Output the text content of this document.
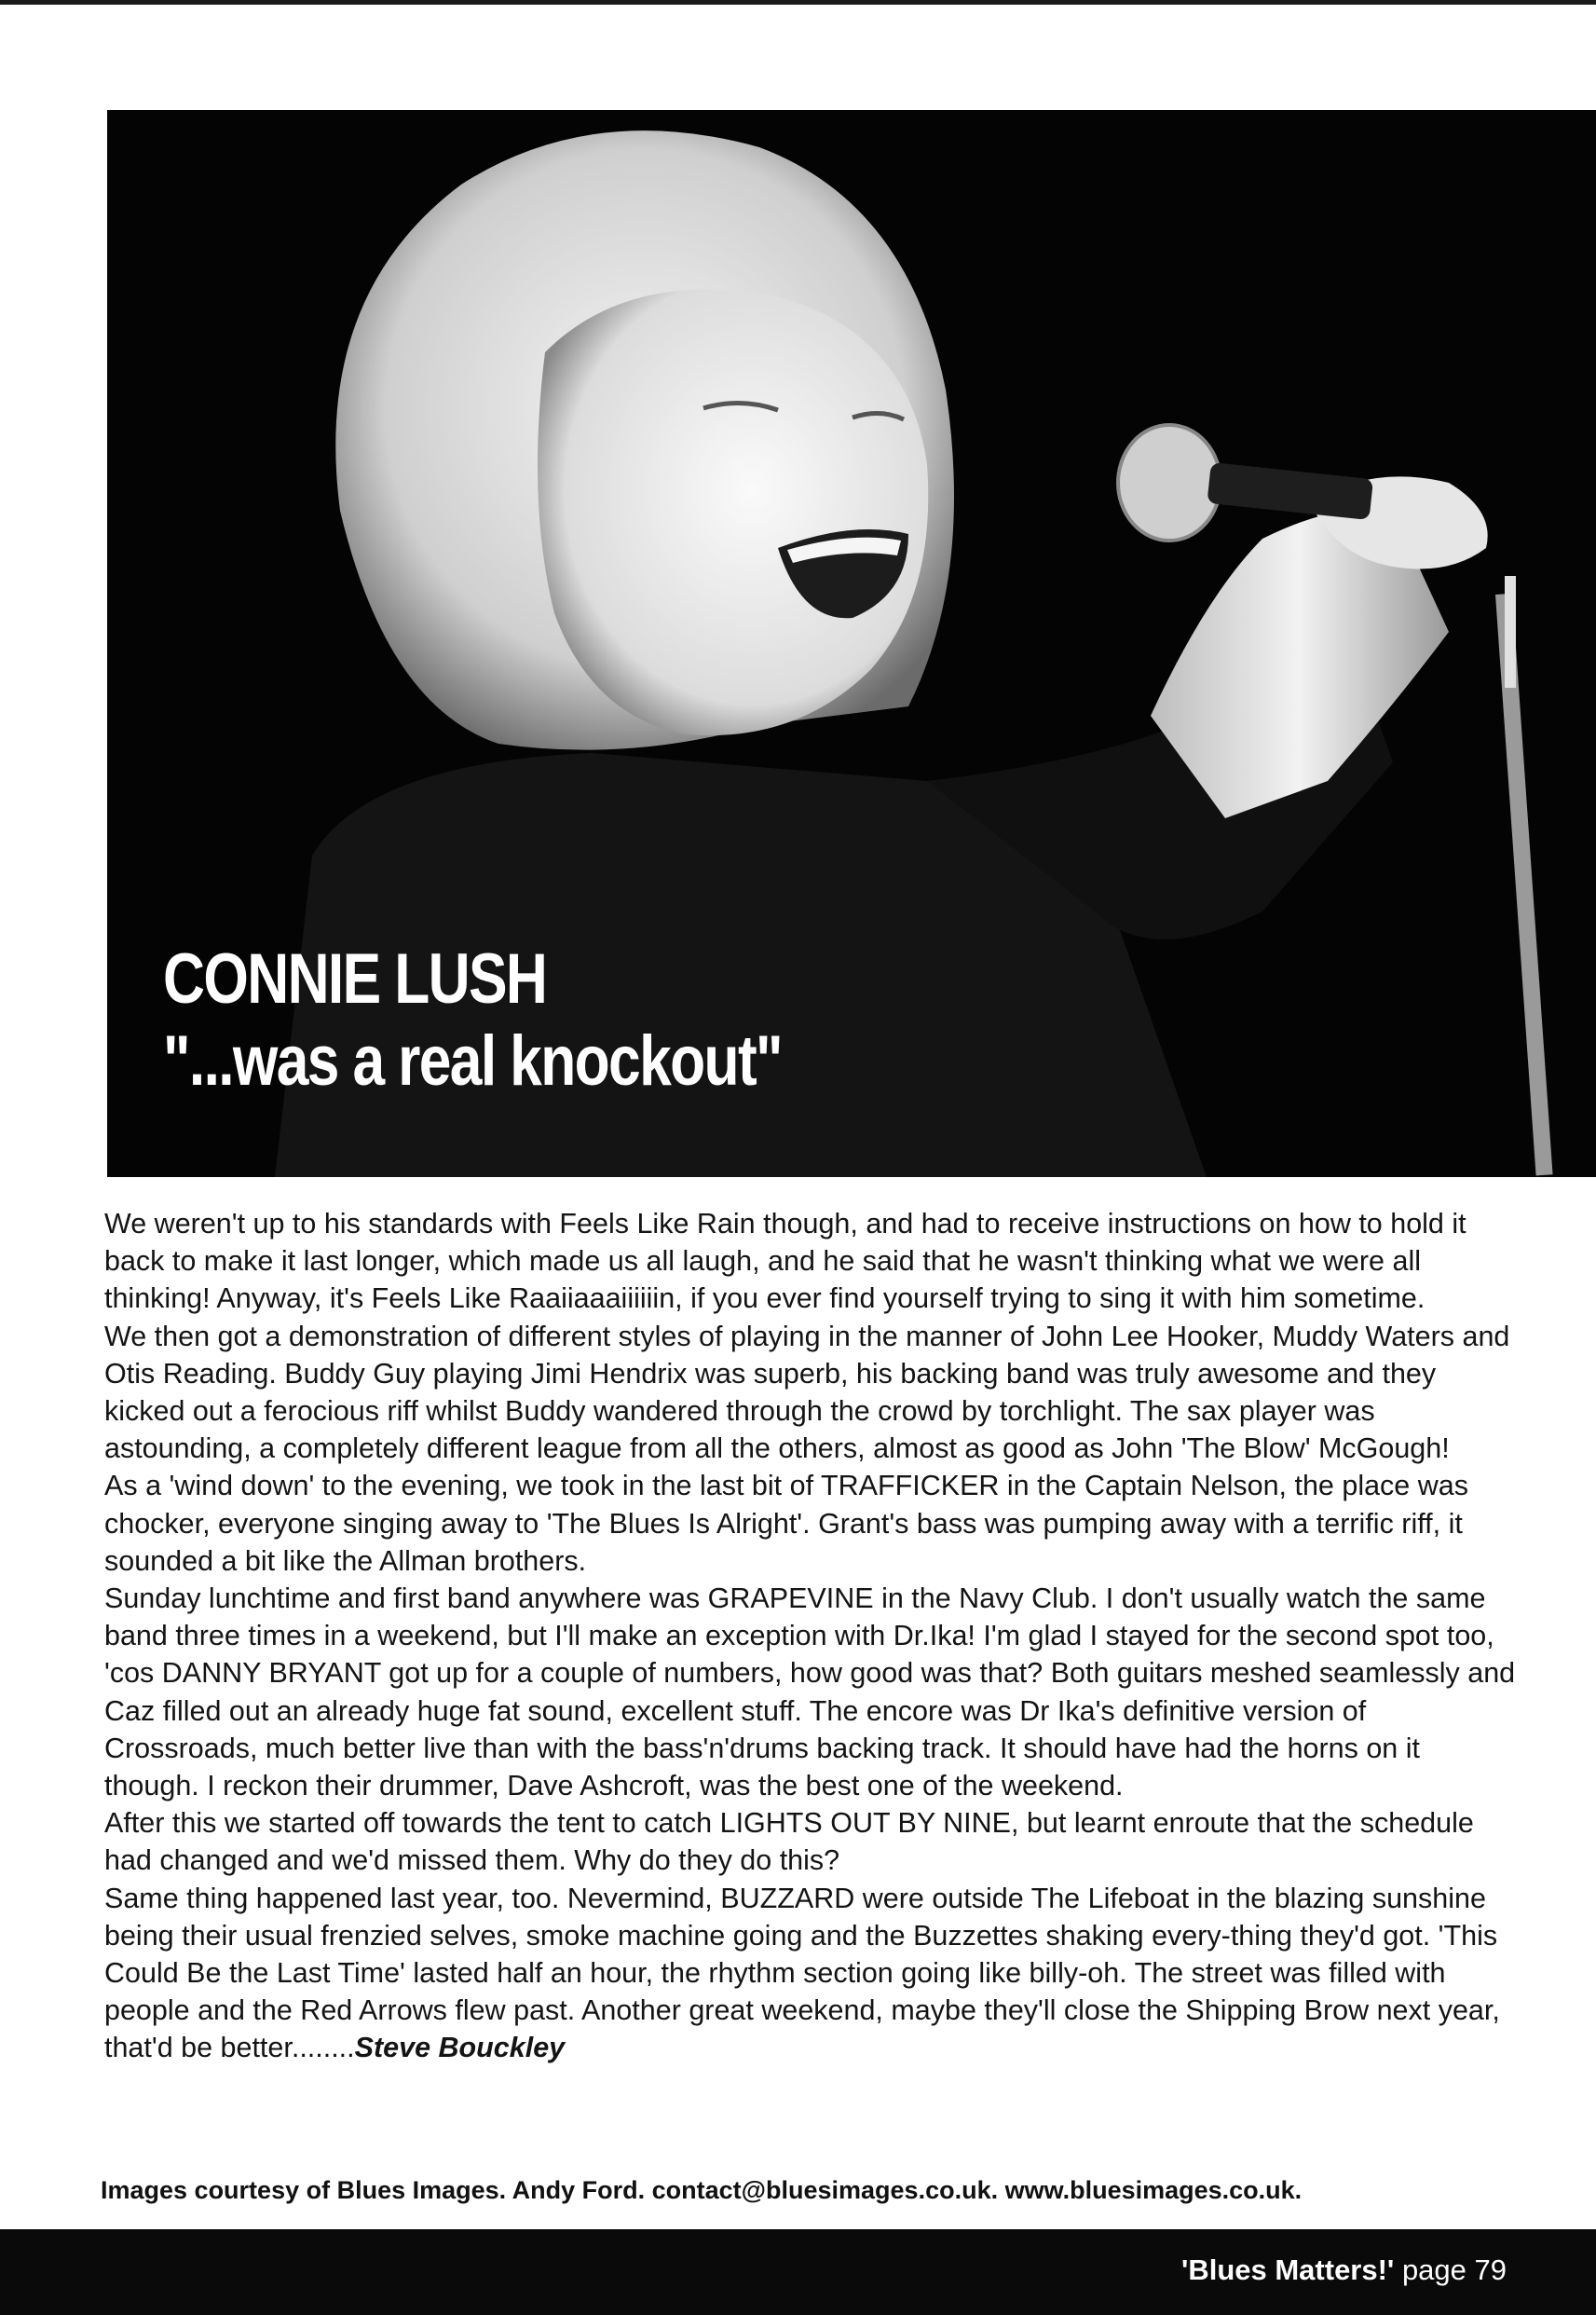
CONNIE LUSH
"...was a real knockout"

We weren't up to his standards with Feels Like Rain though, and had to receive instructions on how to hold it back to make it last longer, which made us all laugh, and he said that he wasn't thinking what we were all thinking! Anyway, it's Feels Like Raaiiaaaiiiiiin, if you ever find yourself trying to sing it with him sometime.

We then got a demonstration of different styles of playing in the manner of John Lee Hooker, Muddy Waters and Otis Reading. Buddy Guy playing Jimi Hendrix was superb, his backing band was truly awesome and they kicked out a ferocious riff whilst Buddy wandered through the crowd by torchlight. The sax player was astounding, a completely different league from all the others, almost as good as John 'The Blow' McGough!

As a 'wind down' to the evening, we took in the last bit of TRAFFICKER in the Captain Nelson, the place was chocker, everyone singing away to 'The Blues Is Alright'. Grant's bass was pumping away with a terrific riff, it sounded a bit like the Allman brothers.

Sunday lunchtime and first band anywhere was GRAPEVINE in the Navy Club. I don't usually watch the same band three times in a weekend, but I'll make an exception with Dr.Ika! I'm glad I stayed for the second spot too, 'cos DANNY BRYANT got up for a couple of numbers, how good was that? Both guitars meshed seamlessly and Caz filled out an already huge fat sound, excellent stuff. The encore was Dr Ika's definitive version of Crossroads, much better live than with the bass'n'drums backing track. It should have had the horns on it though. I reckon their drummer, Dave Ashcroft, was the best one of the weekend.

After this we started off towards the tent to catch LIGHTS OUT BY NINE, but learnt enroute that the schedule had changed and we'd missed them. Why do they do this?

Same thing happened last year, too. Nevermind, BUZZARD were outside The Lifeboat in the blazing sunshine being their usual frenzied selves, smoke machine going and the Buzzettes shaking every-thing they'd got. 'This Could Be the Last Time' lasted half an hour, the rhythm section going like billy-oh. The street was filled with people and the Red Arrows flew past. Another great weekend, maybe they'll close the Shipping Brow next year, that'd be better........Steve Bouckley

Images courtesy of Blues Images. Andy Ford. contact@bluesimages.co.uk. www.bluesimages.co.uk.
'Blues Matters!' page 79
